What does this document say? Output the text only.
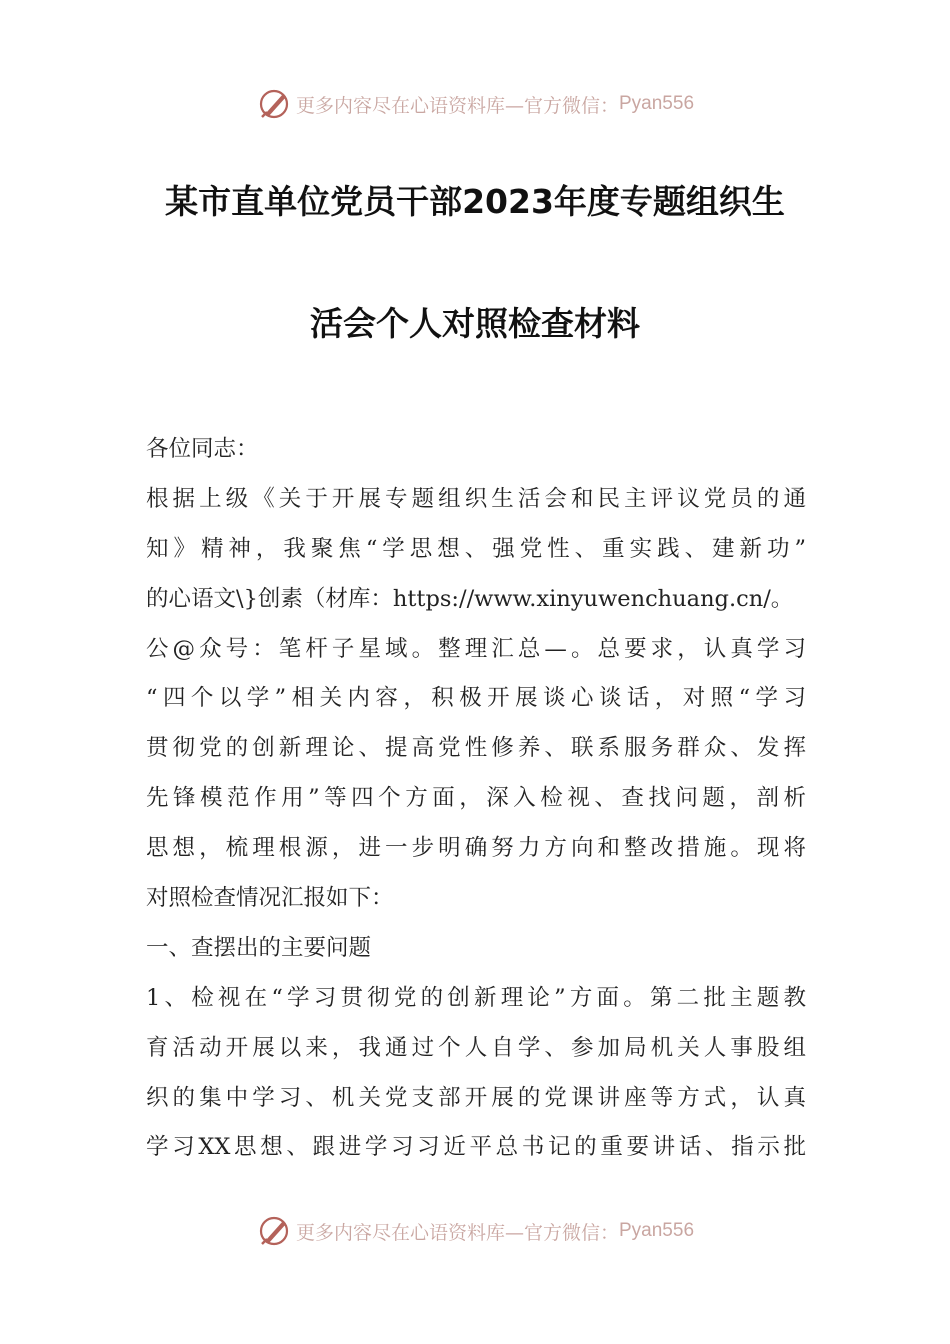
更多内容尽在心语资料库—官方微信： Pyan556
某市直单位党员干部2023年度专题组织生
活会个人对照检查材料
各位同志：
根据上级《关于开展专题组织生活会和民主评议党员的通
知》精神，我聚焦“学思想、强党性、重实践、建新功”
的心语文\}创素（材库：https://www.xinyuwenchuang.cn/。
公@众号：笔杆子星域。整理汇总—。总要求，认真学习
“四个以学”相关内容，积极开展谈心谈话，对照“学习
贯彻党的创新理论、提高党性修养、联系服务群众、发挥
先锋模范作用”等四个方面，深入检视、查找问题，剖析
思想，梳理根源，进一步明确努力方向和整改措施。现将
对照检查情况汇报如下：
一、查摆出的主要问题
1、检视在“学习贯彻党的创新理论”方面。第二批主题教
育活动开展以来，我通过个人自学、参加局机关人事股组
织的集中学习、机关党支部开展的党课讲座等方式，认真
学习XX思想、跟进学习习近平总书记的重要讲话、指示批
更多内容尽在心语资料库—官方微信： Pyan556
